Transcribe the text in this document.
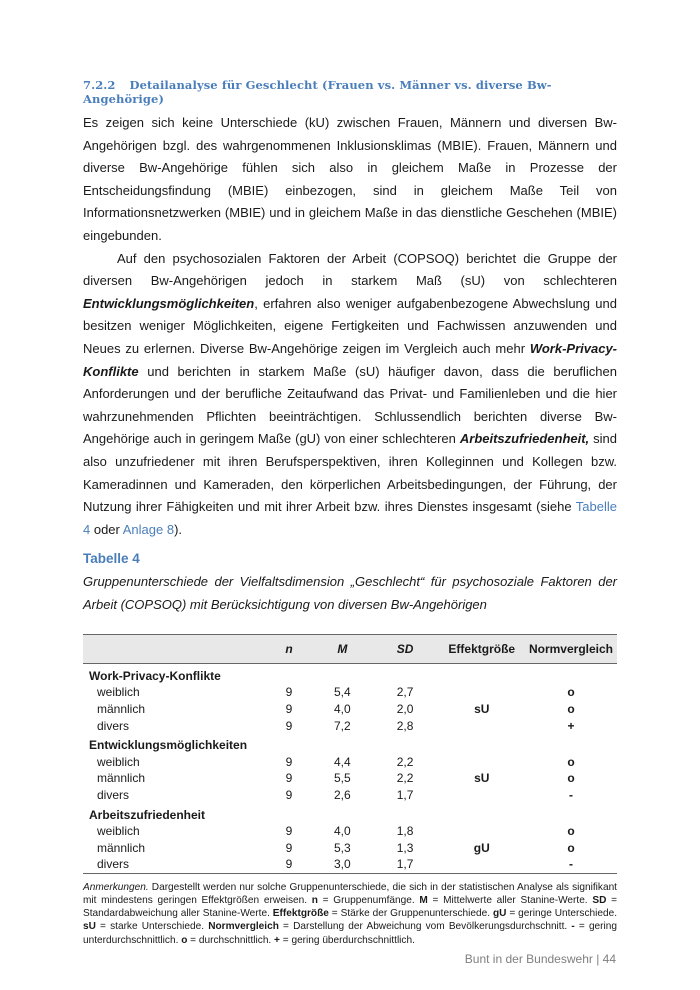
7.2.2 Detailanalyse für Geschlecht (Frauen vs. Männer vs. diverse Bw-Angehörige)

Es zeigen sich keine Unterschiede (kU) zwischen Frauen, Männern und diversen Bw-Angehörigen bzgl. des wahrgenommenen Inklusionsklimas (MBIE). Frauen, Männern und diverse Bw-Angehörige fühlen sich also in gleichem Maße in Prozesse der Entscheidungsfindung (MBIE) einbezogen, sind in gleichem Maße Teil von Informationsnetzwerken (MBIE) und in gleichem Maße in das dienstliche Geschehen (MBIE) eingebunden.

Auf den psychosozialen Faktoren der Arbeit (COPSOQ) berichtet die Gruppe der diversen Bw-Angehörigen jedoch in starkem Maß (sU) von schlechteren Entwicklungsmöglichkeiten, erfahren also weniger aufgabenbezogene Abwechslung und besitzen weniger Möglichkeiten, eigene Fertigkeiten und Fachwissen anzuwenden und Neues zu erlernen. Diverse Bw-Angehörige zeigen im Vergleich auch mehr Work-Privacy-Konflikte und berichten in starkem Maße (sU) häufiger davon, dass die beruflichen Anforderungen und der berufliche Zeitaufwand das Privat- und Familienleben und die hier wahrzunehmenden Pflichten beeinträchtigen. Schlussendlich berichten diverse Bw-Angehörige auch in geringem Maße (gU) von einer schlechteren Arbeitszufriedenheit, sind also unzufriedener mit ihren Berufsperspektiven, ihren Kolleginnen und Kollegen bzw. Kameradinnen und Kameraden, den körperlichen Arbeitsbedingungen, der Führung, der Nutzung ihrer Fähigkeiten und mit ihrer Arbeit bzw. ihres Dienstes insgesamt (siehe Tabelle 4 oder Anlage 8).

Tabelle 4

Gruppenunterschiede der Vielfaltsdimension „Geschlecht“ für psychosoziale Faktoren der Arbeit (COPSOQ) mit Berücksichtigung von diversen Bw-Angehörigen

	n	M	SD	Effektgröße	Normvergleich
Work-Privacy-Konflikte					
weiblich	9	5,4	2,7		o
männlich	9	4,0	2,0	sU	o
divers	9	7,2	2,8		+
Entwicklungsmöglichkeiten					
weiblich	9	4,4	2,2		o
männlich	9	5,5	2,2	sU	o
divers	9	2,6	1,7		-
Arbeitszufriedenheit					
weiblich	9	4,0	1,8		o
männlich	9	5,3	1,3	gU	o
divers	9	3,0	1,7		-
Anmerkungen. Dargestellt werden nur solche Gruppenunterschiede, die sich in der statistischen Analyse als signifikant mit mindestens geringen Effektgrößen erweisen. n = Gruppenumfänge. M = Mittelwerte aller Stanine-Werte. SD = Standardabweichung aller Stanine-Werte. Effektgröße = Stärke der Gruppenunterschiede. gU = geringe Unterschiede. sU = starke Unterschiede. Normvergleich = Darstellung der Abweichung vom Bevölkerungsdurchschnitt. - = gering unterdurchschnittlich. o = durchschnittlich. + = gering überdurchschnittlich.
Bunt in der Bundeswehr | 44
